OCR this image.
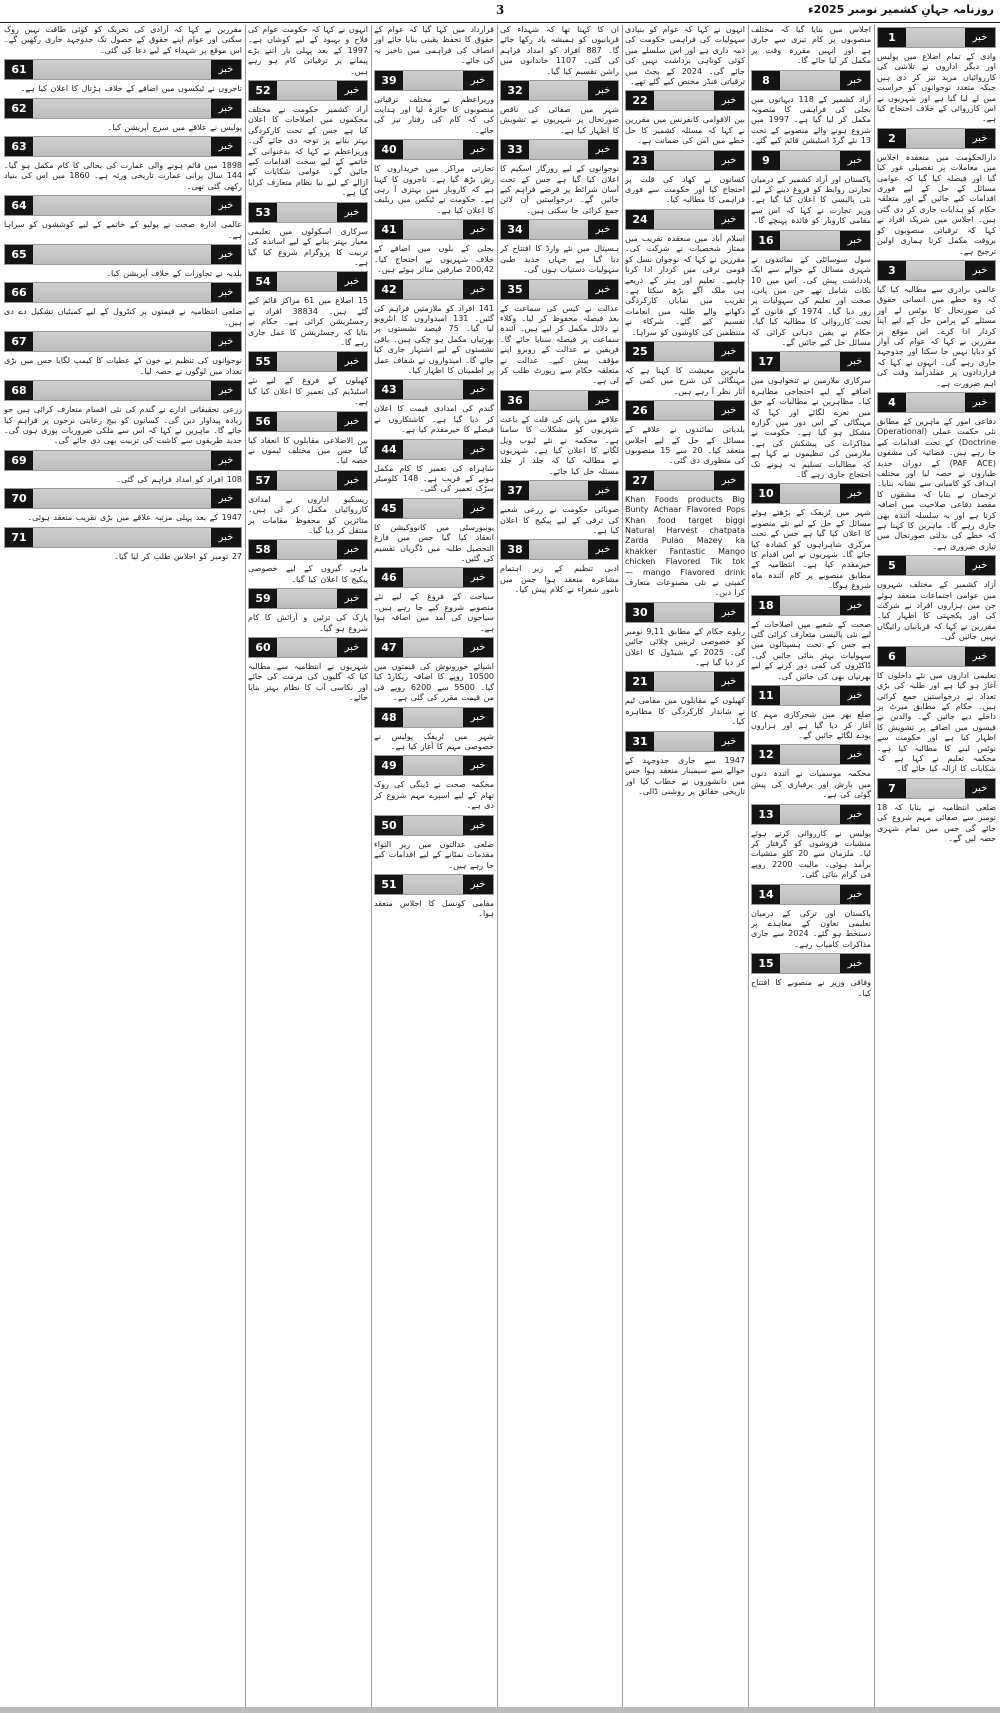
3	روزنامہ جہانِ کشمیر نومبر 2025ء
1	خبر

وادی کے تمام اضلاع میں پولیس اور دیگر اداروں نے تلاشی کی کارروائیاں مزید تیز کر دی ہیں جبکہ متعدد نوجوانوں کو حراست میں لے لیا گیا ہے اور شہریوں نے اس کارروائی کے خلاف احتجاج کیا ہے۔

2	خبر

دارالحکومت میں منعقدہ اجلاس میں معاملات پر تفصیلی غور کیا گیا اور فیصلہ کیا گیا کہ عوامی مسائل کے حل کے لیے فوری اقدامات کیے جائیں گے اور متعلقہ حکام کو ہدایات جاری کر دی گئی ہیں۔ اجلاس میں شریک افراد نے کہا کہ ترقیاتی منصوبوں کو بروقت مکمل کرنا ہماری اولین ترجیح ہے۔

3	خبر

عالمی برادری سے مطالبہ کیا گیا کہ وہ خطے میں انسانی حقوق کی صورتحال کا نوٹس لے اور مسئلے کے پرامن حل کے لیے اپنا کردار ادا کرے۔ اس موقع پر مقررین نے کہا کہ عوام کی آواز کو دبایا نہیں جا سکتا اور جدوجہد جاری رہے گی۔ انہوں نے کہا کہ قراردادوں پر عملدرآمد وقت کی اہم ضرورت ہے۔

4	خبر

دفاعی امور کے ماہرین کے مطابق نئی حکمت عملی (Operational Doctrine) کے تحت اقدامات کیے جا رہے ہیں۔ فضائیہ کی مشقوں (PAF ACE) کے دوران جدید طیاروں نے حصہ لیا اور مختلف اہداف کو کامیابی سے نشانہ بنایا۔ ترجمان نے بتایا کہ مشقوں کا مقصد دفاعی صلاحیت میں اضافہ کرنا ہے اور یہ سلسلہ آئندہ بھی جاری رہے گا۔ ماہرین کا کہنا ہے کہ خطے کی بدلتی صورتحال میں تیاری ضروری ہے۔

5	خبر

آزاد کشمیر کے مختلف شہروں میں عوامی اجتماعات منعقد ہوئے جن میں ہزاروں افراد نے شرکت کی اور یکجہتی کا اظہار کیا۔ مقررین نے کہا کہ قربانیاں رائیگاں نہیں جائیں گی۔

6	خبر

تعلیمی اداروں میں نئے داخلوں کا آغاز ہو گیا ہے اور طلبہ کی بڑی تعداد نے درخواستیں جمع کرائی ہیں۔ حکام کے مطابق میرٹ پر داخلے دیے جائیں گے۔ والدین نے فیسوں میں اضافے پر تشویش کا اظہار کیا ہے اور حکومت سے نوٹس لینے کا مطالبہ کیا ہے۔ محکمہ تعلیم نے کہا ہے کہ شکایات کا ازالہ کیا جائے گا۔

7	خبر

ضلعی انتظامیہ نے بتایا کہ 18 نومبر سے صفائی مہم شروع کی جائے گی جس میں تمام شہری حصہ لیں گے۔

اجلاس میں بتایا گیا کہ مختلف منصوبوں پر کام تیزی سے جاری ہے اور انہیں مقررہ وقت پر مکمل کر لیا جائے گا۔

8	خبر

آزاد کشمیر کے 118 دیہاتوں میں بجلی کی فراہمی کا منصوبہ مکمل کر لیا گیا ہے۔ 1997 میں شروع ہونے والے منصوبے کے تحت 13 نئے گرڈ اسٹیشن قائم کیے گئے۔

9	خبر

پاکستان اور آزاد کشمیر کے درمیان تجارتی روابط کو فروغ دینے کے لیے نئی پالیسی کا اعلان کیا گیا ہے۔ وزیر تجارت نے کہا کہ اس سے مقامی کاروبار کو فائدہ پہنچے گا۔

16	خبر

سول سوسائٹی کے نمائندوں نے شہری مسائل کے حوالے سے ایک یادداشت پیش کی۔ اس میں 10 نکات شامل تھے جن میں پانی، صحت اور تعلیم کی سہولیات پر زور دیا گیا۔ 1974 کے قانون کے تحت کارروائی کا مطالبہ کیا گیا۔ حکام نے یقین دہانی کرائی کہ مسائل حل کیے جائیں گے۔

17	خبر

سرکاری ملازمین نے تنخواہوں میں اضافے کے لیے احتجاجی مظاہرہ کیا۔ مظاہرین نے مطالبات کے حق میں نعرے لگائے اور کہا کہ مہنگائی کے اس دور میں گزارہ مشکل ہو گیا ہے۔ حکومت نے مذاکرات کی پیشکش کی ہے۔ ملازمین کی تنظیموں نے کہا ہے کہ مطالبات تسلیم نہ ہونے تک احتجاج جاری رہے گا۔

10	خبر

شہر میں ٹریفک کے بڑھتے ہوئے مسائل کے حل کے لیے نئے منصوبے کا اعلان کیا گیا ہے جس کے تحت مرکزی شاہراہوں کو کشادہ کیا جائے گا۔ شہریوں نے اس اقدام کا خیرمقدم کیا ہے۔ انتظامیہ کے مطابق منصوبے پر کام آئندہ ماہ شروع ہوگا۔

18	خبر

صحت کے شعبے میں اصلاحات کے لیے نئی پالیسی متعارف کرائی گئی ہے جس کے تحت ہسپتالوں میں سہولیات بہتر بنائی جائیں گی۔ ڈاکٹروں کی کمی دور کرنے کے لیے بھرتیاں بھی کی جائیں گی۔

11	خبر

ضلع بھر میں شجرکاری مہم کا آغاز کر دیا گیا ہے اور ہزاروں پودے لگائے جائیں گے۔

12	خبر

محکمہ موسمیات نے آئندہ دنوں میں بارش اور برفباری کی پیش گوئی کی ہے۔

13	خبر

پولیس نے کارروائی کرتے ہوئے منشیات فروشوں کو گرفتار کر لیا۔ ملزمان سے 20 کلو منشیات برآمد ہوئی۔ مالیت 2200 روپے فی گرام بتائی گئی۔

14	خبر

پاکستان اور ترکی کے درمیان تعلیمی تعاون کے معاہدے پر دستخط ہو گئے۔ 2024 سے جاری مذاکرات کامیاب رہے۔

15	خبر

وفاقی وزیر نے منصوبے کا افتتاح کیا۔

انہوں نے کہا کہ عوام کو بنیادی سہولیات کی فراہمی حکومت کی ذمہ داری ہے اور اس سلسلے میں کوئی کوتاہی برداشت نہیں کی جائے گی۔ 2024 کے بجٹ میں ترقیاتی فنڈز مختص کیے گئے تھے۔

22	خبر

بین الاقوامی کانفرنس میں مقررین نے کہا کہ مسئلہ کشمیر کا حل خطے میں امن کی ضمانت ہے۔

23	خبر

کسانوں نے کھاد کی قلت پر احتجاج کیا اور حکومت سے فوری فراہمی کا مطالبہ کیا۔

24	خبر

اسلام آباد میں منعقدہ تقریب میں ممتاز شخصیات نے شرکت کی۔ مقررین نے کہا کہ نوجوان نسل کو قومی ترقی میں کردار ادا کرنا چاہیے۔ تعلیم اور ہنر کے ذریعے ہی ملک آگے بڑھ سکتا ہے۔ تقریب میں نمایاں کارکردگی دکھانے والے طلبہ میں انعامات تقسیم کیے گئے۔ شرکاء نے منتظمین کی کاوشوں کو سراہا۔

25	خبر

ماہرین معیشت کا کہنا ہے کہ مہنگائی کی شرح میں کمی کے آثار نظر آ رہے ہیں۔

26	خبر

بلدیاتی نمائندوں نے علاقے کے مسائل کے حل کے لیے اجلاس منعقد کیا۔ 20 سے 15 منصوبوں کی منظوری دی گئی۔

27	خبر

Khan Foods products Big Bunty Achaar Flavored Pops Khan food target biggi Natural Harvest chatpata Zarda Pulao Mazey ka khakker Fantastic Mango chicken Flavored Tik tok mango Flavored drink — کمپنی نے نئی مصنوعات متعارف کرا دیں۔

30	خبر

ریلوے حکام کے مطابق 9,11 نومبر کو خصوصی ٹرینیں چلائی جائیں گی۔ 2025 کے شیڈول کا اعلان کر دیا گیا ہے۔

21	خبر

کھیلوں کے مقابلوں میں مقامی ٹیم نے شاندار کارکردگی کا مظاہرہ کیا۔

31	خبر

1947 سے جاری جدوجہد کے حوالے سے سیمینار منعقد ہوا جس میں دانشوروں نے خطاب کیا اور تاریخی حقائق پر روشنی ڈالی۔

ان کا کہنا تھا کہ شہداء کی قربانیوں کو ہمیشہ یاد رکھا جائے گا۔ 887 افراد کو امداد فراہم کی گئی۔ 1107 خاندانوں میں راشن تقسیم کیا گیا۔

32	خبر

شہر میں صفائی کی ناقص صورتحال پر شہریوں نے تشویش کا اظہار کیا ہے۔

33	خبر

نوجوانوں کے لیے روزگار اسکیم کا اعلان کیا گیا ہے جس کے تحت آسان شرائط پر قرضے فراہم کیے جائیں گے۔ درخواستیں آن لائن جمع کرائی جا سکتی ہیں۔

34	خبر

ہسپتال میں نئے وارڈ کا افتتاح کر دیا گیا ہے جہاں جدید طبی سہولیات دستیاب ہوں گی۔

35	خبر

عدالت نے کیس کی سماعت کے بعد فیصلہ محفوظ کر لیا۔ وکلاء نے دلائل مکمل کر لیے ہیں۔ آئندہ سماعت پر فیصلہ سنایا جائے گا۔ فریقین نے عدالت کے روبرو اپنے مؤقف پیش کیے۔ عدالت نے متعلقہ حکام سے رپورٹ طلب کر لی ہے۔

36	خبر

علاقے میں پانی کی قلت کے باعث شہریوں کو مشکلات کا سامنا ہے۔ محکمہ نے نئے ٹیوب ویل لگانے کا اعلان کیا ہے۔ شہریوں نے مطالبہ کیا کہ جلد از جلد مسئلہ حل کیا جائے۔

37	خبر

صوبائی حکومت نے زرعی شعبے کی ترقی کے لیے پیکیج کا اعلان کیا ہے۔

38	خبر

ادبی تنظیم کے زیر اہتمام مشاعرہ منعقد ہوا جس میں نامور شعراء نے کلام پیش کیا۔

قرارداد میں کہا گیا کہ عوام کے حقوق کا تحفظ یقینی بنایا جائے اور انصاف کی فراہمی میں تاخیر نہ کی جائے۔

39	خبر

وزیراعظم نے مختلف ترقیاتی منصوبوں کا جائزہ لیا اور ہدایت کی کہ کام کی رفتار تیز کی جائے۔

40	خبر

تجارتی مراکز میں خریداروں کا رش بڑھ گیا ہے۔ تاجروں کا کہنا ہے کہ کاروبار میں بہتری آ رہی ہے۔ حکومت نے ٹیکس میں ریلیف کا اعلان کیا ہے۔

41	خبر

بجلی کے بلوں میں اضافے کے خلاف شہریوں نے احتجاج کیا۔ 200,42 صارفین متاثر ہوئے ہیں۔

42	خبر

141 افراد کو ملازمتیں فراہم کی گئیں۔ 131 امیدواروں کا انٹرویو لیا گیا۔ 75 فیصد نشستوں پر بھرتیاں مکمل ہو چکی ہیں۔ باقی نشستوں کے لیے اشتہار جاری کیا جائے گا۔ امیدواروں نے شفاف عمل پر اطمینان کا اظہار کیا۔

43	خبر

گندم کی امدادی قیمت کا اعلان کر دیا گیا ہے۔ کاشتکاروں نے فیصلے کا خیرمقدم کیا ہے۔

44	خبر

شاہراہ کی تعمیر کا کام مکمل ہونے کے قریب ہے۔ 148 کلومیٹر سڑک تعمیر کی گئی۔

45	خبر

یونیورسٹی میں کانووکیشن کا انعقاد کیا گیا جس میں فارغ التحصیل طلبہ میں ڈگریاں تقسیم کی گئیں۔

46	خبر

سیاحت کے فروغ کے لیے نئے منصوبے شروع کیے جا رہے ہیں۔ سیاحوں کی آمد میں اضافہ ہوا ہے۔

47	خبر

اشیائے خورونوش کی قیمتوں میں 10500 روپے کا اضافہ ریکارڈ کیا گیا۔ 5500 سے 6200 روپے فی من قیمت مقرر کی گئی ہے۔

48	خبر

شہر میں ٹریفک پولیس نے خصوصی مہم کا آغاز کیا ہے۔

49	خبر

محکمہ صحت نے ڈینگی کی روک تھام کے لیے اسپرے مہم شروع کر دی ہے۔

50	خبر

ضلعی عدالتوں میں زیر التواء مقدمات نمٹانے کے لیے اقدامات کیے جا رہے ہیں۔

51	خبر

مقامی کونسل کا اجلاس منعقد ہوا۔

انہوں نے کہا کہ حکومت عوام کی فلاح و بہبود کے لیے کوشاں ہے۔ 1997 کے بعد پہلی بار اتنے بڑے پیمانے پر ترقیاتی کام ہو رہے ہیں۔

52	خبر

آزاد کشمیر حکومت نے مختلف محکموں میں اصلاحات کا اعلان کیا ہے جس کے تحت کارکردگی بہتر بنانے پر توجہ دی جائے گی۔ وزیراعظم نے کہا کہ بدعنوانی کے خاتمے کے لیے سخت اقدامات کیے جائیں گے۔ عوامی شکایات کے ازالے کے لیے نیا نظام متعارف کرایا گیا ہے۔

53	خبر

سرکاری اسکولوں میں تعلیمی معیار بہتر بنانے کے لیے اساتذہ کی تربیت کا پروگرام شروع کیا گیا ہے۔

54	خبر

15 اضلاع میں 61 مراکز قائم کیے گئے ہیں۔ 38834 افراد نے رجسٹریشن کرائی ہے۔ حکام نے بتایا کہ رجسٹریشن کا عمل جاری رہے گا۔

55	خبر

کھیلوں کے فروغ کے لیے نئے اسٹیڈیم کی تعمیر کا اعلان کیا گیا ہے۔

56	خبر

بین الاضلاعی مقابلوں کا انعقاد کیا گیا جس میں مختلف ٹیموں نے حصہ لیا۔

57	خبر

ریسکیو اداروں نے امدادی کارروائیاں مکمل کر لی ہیں۔ متاثرین کو محفوظ مقامات پر منتقل کر دیا گیا۔

58	خبر

ماہی گیروں کے لیے خصوصی پیکیج کا اعلان کیا گیا۔

59	خبر

پارک کی تزئین و آرائش کا کام شروع ہو گیا۔

60	خبر

شہریوں نے انتظامیہ سے مطالبہ کیا کہ گلیوں کی مرمت کی جائے اور نکاسی آب کا نظام بہتر بنایا جائے۔

مقررین نے کہا کہ آزادی کی تحریک کو کوئی طاقت نہیں روک سکتی اور عوام اپنے حقوق کے حصول تک جدوجہد جاری رکھیں گے۔ اس موقع پر شہداء کے لیے دعا کی گئی۔

61	خبر

تاجروں نے ٹیکسوں میں اضافے کے خلاف ہڑتال کا اعلان کیا ہے۔

62	خبر

پولیس نے علاقے میں سرچ آپریشن کیا۔

63	خبر

1898 میں قائم ہونے والی عمارت کی بحالی کا کام مکمل ہو گیا۔ 144 سال پرانی عمارت تاریخی ورثہ ہے۔ 1860 میں اس کی بنیاد رکھی گئی تھی۔

64	خبر

عالمی ادارہ صحت نے پولیو کے خاتمے کے لیے کوششوں کو سراہا ہے۔

65	خبر

بلدیہ نے تجاوزات کے خلاف آپریشن کیا۔

66	خبر

ضلعی انتظامیہ نے قیمتوں پر کنٹرول کے لیے کمیٹیاں تشکیل دے دی ہیں۔

67	خبر

نوجوانوں کی تنظیم نے خون کے عطیات کا کیمپ لگایا جس میں بڑی تعداد میں لوگوں نے حصہ لیا۔

68	خبر

زرعی تحقیقاتی ادارے نے گندم کی نئی اقسام متعارف کرائی ہیں جو زیادہ پیداوار دیں گی۔ کسانوں کو بیج رعایتی نرخوں پر فراہم کیا جائے گا۔ ماہرین نے کہا کہ اس سے ملکی ضروریات پوری ہوں گی۔ جدید طریقوں سے کاشت کی تربیت بھی دی جائے گی۔

69	خبر

108 افراد کو امداد فراہم کی گئی۔

70	خبر

1947 کے بعد پہلی مرتبہ علاقے میں بڑی تقریب منعقد ہوئی۔

71	خبر

27 نومبر کو اجلاس طلب کر لیا گیا۔
